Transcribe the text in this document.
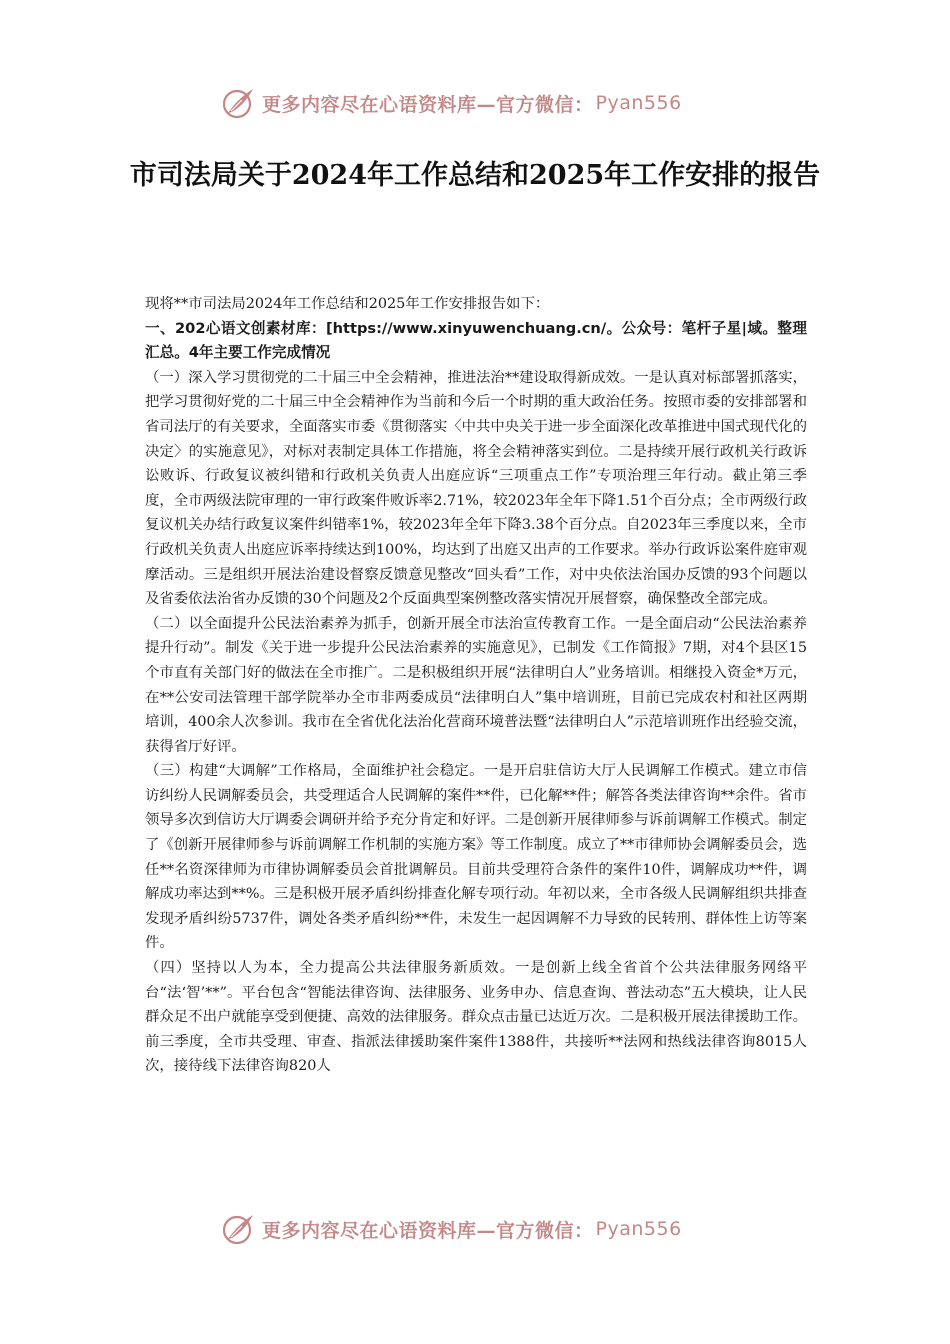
更多内容尽在心语资料库—官方微信： Pyan556
市司法局关于2024年工作总结和2025年工作安排的报告

现将**市司法局2024年工作总结和2025年工作安排报告如下：

一、202心语文创素材库：[https://www.xinyuwenchuang.cn/。公众号：笔杆子星|域。整理汇总。4年主要工作完成情况

（一）深入学习贯彻党的二十届三中全会精神，推进法治**建设取得新成效。一是认真对标部署抓落实，把学习贯彻好党的二十届三中全会精神作为当前和今后一个时期的重大政治任务。按照市委的安排部署和省司法厅的有关要求，全面落实市委《贯彻落实〈中共中央关于进一步全面深化改革推进中国式现代化的决定〉的实施意见》，对标对表制定具体工作措施，将全会精神落实到位。二是持续开展行政机关行政诉讼败诉、行政复议被纠错和行政机关负责人出庭应诉“三项重点工作”专项治理三年行动。截止第三季度，全市两级法院审理的一审行政案件败诉率2.71%，较2023年全年下降1.51个百分点；全市两级行政复议机关办结行政复议案件纠错率1%，较2023年全年下降3.38个百分点。自2023年三季度以来，全市行政机关负责人出庭应诉率持续达到100%，均达到了出庭又出声的工作要求。举办行政诉讼案件庭审观摩活动。三是组织开展法治建设督察反馈意见整改“回头看”工作，对中央依法治国办反馈的93个问题以及省委依法治省办反馈的30个问题及2个反面典型案例整改落实情况开展督察，确保整改全部完成。

（二）以全面提升公民法治素养为抓手，创新开展全市法治宣传教育工作。一是全面启动“公民法治素养提升行动”。制发《关于进一步提升公民法治素养的实施意见》，已制发《工作简报》7期，对4个县区15个市直有关部门好的做法在全市推广。二是积极组织开展“法律明白人”业务培训。相继投入资金*万元，在**公安司法管理干部学院举办全市非两委成员“法律明白人”集中培训班，目前已完成农村和社区两期培训，400余人次参训。我市在全省优化法治化营商环境普法暨“法律明白人”示范培训班作出经验交流，获得省厅好评。

（三）构建“大调解”工作格局，全面维护社会稳定。一是开启驻信访大厅人民调解工作模式。建立市信访纠纷人民调解委员会，共受理适合人民调解的案件**件，已化解**件；解答各类法律咨询**余件。省市领导多次到信访大厅调委会调研并给予充分肯定和好评。二是创新开展律师参与诉前调解工作模式。制定了《创新开展律师参与诉前调解工作机制的实施方案》等工作制度。成立了**市律师协会调解委员会，选任**名资深律师为市律协调解委员会首批调解员。目前共受理符合条件的案件10件，调解成功**件，调解成功率达到**%。三是积极开展矛盾纠纷排查化解专项行动。年初以来，全市各级人民调解组织共排查发现矛盾纠纷5737件，调处各类矛盾纠纷**件，未发生一起因调解不力导致的民转刑、群体性上访等案件。

（四）坚持以人为本，全力提高公共法律服务新质效。一是创新上线全省首个公共法律服务网络平台“法‘智’**”。平台包含“智能法律咨询、法律服务、业务申办、信息查询、普法动态”五大模块，让人民群众足不出户就能享受到便捷、高效的法律服务。群众点击量已达近万次。二是积极开展法律援助工作。前三季度，全市共受理、审查、指派法律援助案件案件1388件，共接听**法网和热线法律咨询8015人次，接待线下法律咨询820人

更多内容尽在心语资料库—官方微信： Pyan556
